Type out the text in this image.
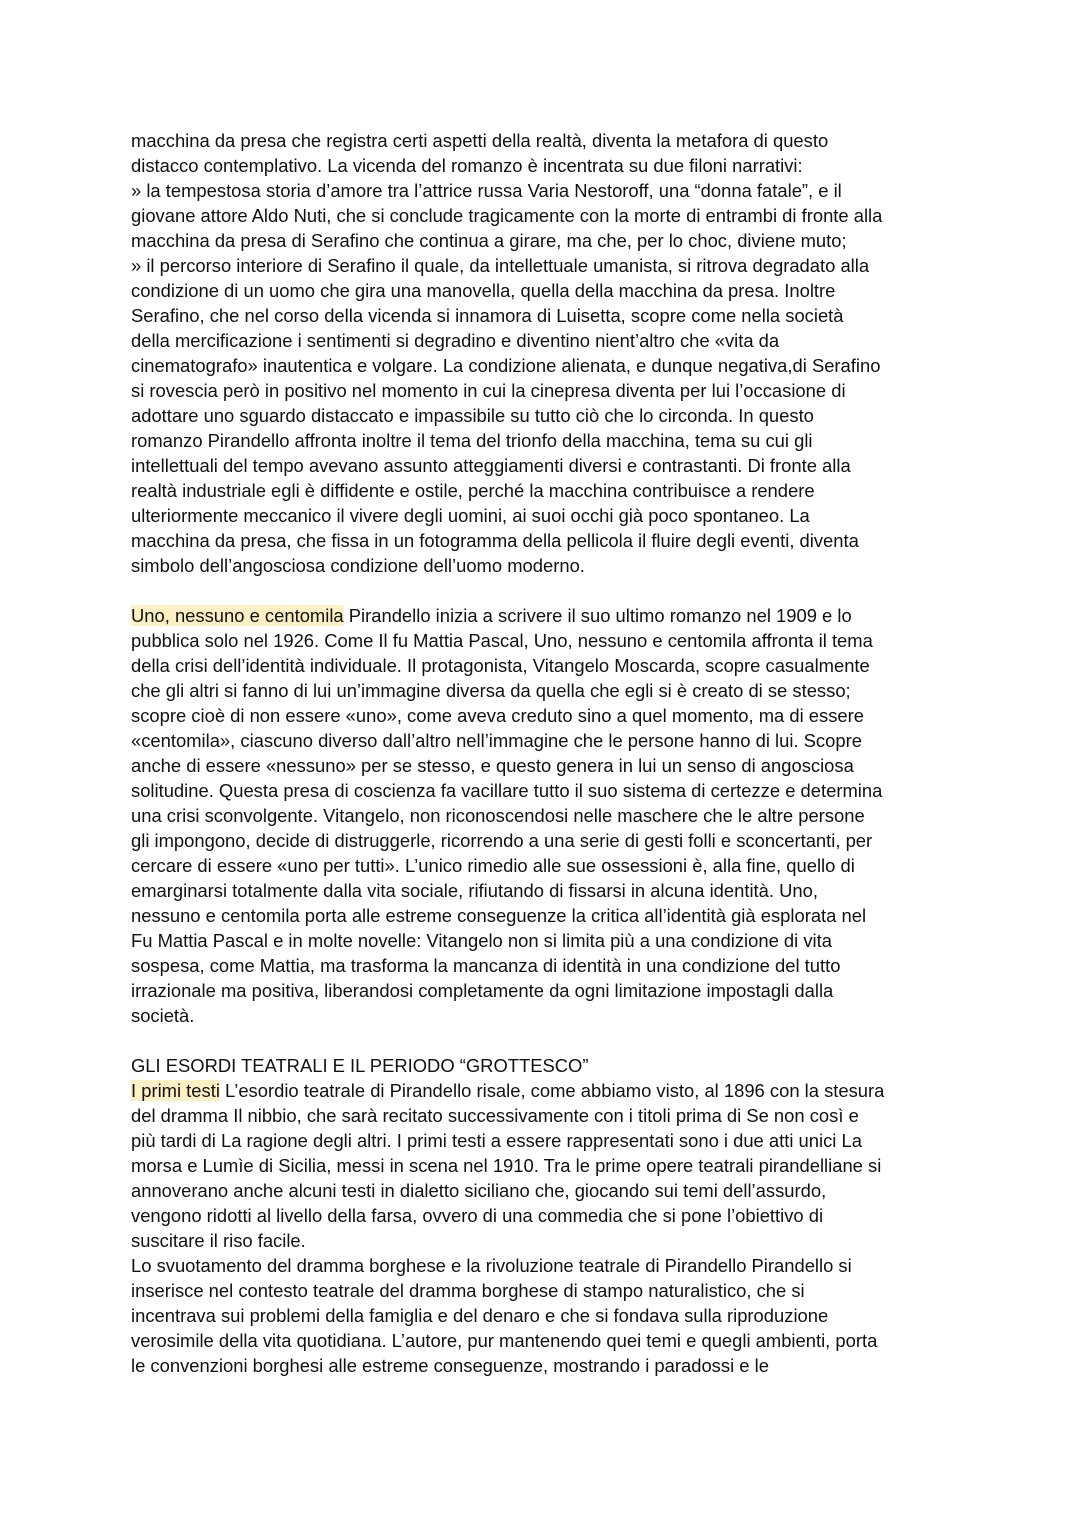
macchina da presa che registra certi aspetti della realtà, diventa la metafora di questo
distacco contemplativo. La vicenda del romanzo è incentrata su due filoni narrativi:
» la tempestosa storia d’amore tra l’attrice russa Varia Nestoroff, una “donna fatale”, e il
giovane attore Aldo Nuti, che si conclude tragicamente con la morte di entrambi di fronte alla
macchina da presa di Serafino che continua a girare, ma che, per lo choc, diviene muto;
» il percorso interiore di Serafino il quale, da intellettuale umanista, si ritrova degradato alla
condizione di un uomo che gira una manovella, quella della macchina da presa. Inoltre
Serafino, che nel corso della vicenda si innamora di Luisetta, scopre come nella società
della mercificazione i sentimenti si degradino e diventino nient’altro che «vita da
cinematografo» inautentica e volgare. La condizione alienata, e dunque negativa,di Serafino
si rovescia però in positivo nel momento in cui la cinepresa diventa per lui l’occasione di
adottare uno sguardo distaccato e impassibile su tutto ciò che lo circonda. In questo
romanzo Pirandello affronta inoltre il tema del trionfo della macchina, tema su cui gli
intellettuali del tempo avevano assunto atteggiamenti diversi e contrastanti. Di fronte alla
realtà industriale egli è diffidente e ostile, perché la macchina contribuisce a rendere
ulteriormente meccanico il vivere degli uomini, ai suoi occhi già poco spontaneo. La
macchina da presa, che fissa in un fotogramma della pellicola il fluire degli eventi, diventa
simbolo dell’angosciosa condizione dell’uomo moderno.
Uno, nessuno e centomila Pirandello inizia a scrivere il suo ultimo romanzo nel 1909 e lo
pubblica solo nel 1926. Come Il fu Mattia Pascal, Uno, nessuno e centomila affronta il tema
della crisi dell’identità individuale. Il protagonista, Vitangelo Moscarda, scopre casualmente
che gli altri si fanno di lui un’immagine diversa da quella che egli si è creato di se stesso;
scopre cioè di non essere «uno», come aveva creduto sino a quel momento, ma di essere
«centomila», ciascuno diverso dall’altro nell’immagine che le persone hanno di lui. Scopre
anche di essere «nessuno» per se stesso, e questo genera in lui un senso di angosciosa
solitudine. Questa presa di coscienza fa vacillare tutto il suo sistema di certezze e determina
una crisi sconvolgente. Vitangelo, non riconoscendosi nelle maschere che le altre persone
gli impongono, decide di distruggerle, ricorrendo a una serie di gesti folli e sconcertanti, per
cercare di essere «uno per tutti». L’unico rimedio alle sue ossessioni è, alla fine, quello di
emarginarsi totalmente dalla vita sociale, rifiutando di fissarsi in alcuna identità. Uno,
nessuno e centomila porta alle estreme conseguenze la critica all’identità già esplorata nel
Fu Mattia Pascal e in molte novelle: Vitangelo non si limita più a una condizione di vita
sospesa, come Mattia, ma trasforma la mancanza di identità in una condizione del tutto
irrazionale ma positiva, liberandosi completamente da ogni limitazione impostagli dalla
società.
GLI ESORDI TEATRALI E IL PERIODO “GROTTESCO”
I primi testi L’esordio teatrale di Pirandello risale, come abbiamo visto, al 1896 con la stesura
del dramma Il nibbio, che sarà recitato successivamente con i titoli prima di Se non così e
più tardi di La ragione degli altri. I primi testi a essere rappresentati sono i due atti unici La
morsa e Lumìe di Sicilia, messi in scena nel 1910. Tra le prime opere teatrali pirandelliane si
annoverano anche alcuni testi in dialetto siciliano che, giocando sui temi dell’assurdo,
vengono ridotti al livello della farsa, ovvero di una commedia che si pone l’obiettivo di
suscitare il riso facile.
Lo svuotamento del dramma borghese e la rivoluzione teatrale di Pirandello Pirandello si
inserisce nel contesto teatrale del dramma borghese di stampo naturalistico, che si
incentrava sui problemi della famiglia e del denaro e che si fondava sulla riproduzione
verosimile della vita quotidiana. L’autore, pur mantenendo quei temi e quegli ambienti, porta
le convenzioni borghesi alle estreme conseguenze, mostrando i paradossi e le
